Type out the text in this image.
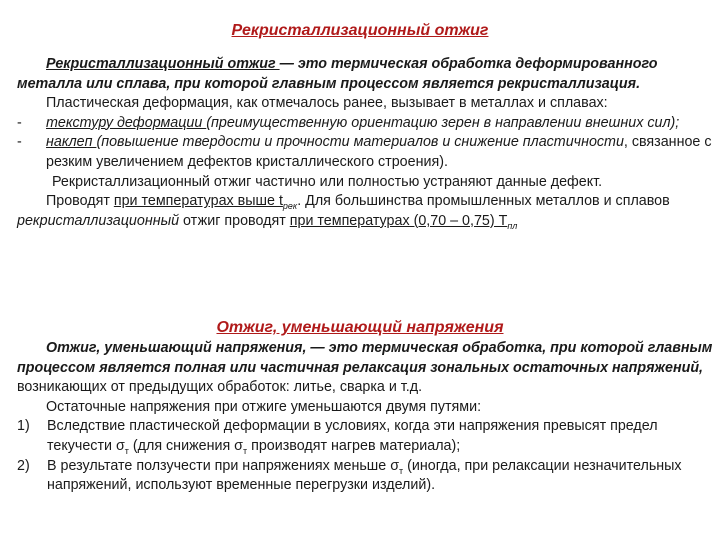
Рекристаллизационный отжиг

Рекристаллизационный отжиг — это термическая обработка деформированного металла или сплава, при которой главным процессом является рекристаллизация.

Пластическая деформация, как отмечалось ранее, вызывает в металлах и сплавах:

- текстуру деформации (преимущественную ориентацию зерен в направлении внешних сил);

- наклеп (повышение твердости и прочности материалов и снижение пластичности, связанное с резким увеличением дефектов кристаллического строения).

Рекристаллизационный отжиг частично или полностью устраняют данные дефект.

Проводят при температурах выше $t_{рек}$. Для большинства промышленных металлов и сплавов рекристаллизационный отжиг проводят при температурах (0,70 – 0,75) $Т_{пл}$

Отжиг, уменьшающий напряжения

Отжиг, уменьшающий напряжения, — это термическая обработка, при которой главным процессом является полная или частичная релаксация зональных остаточных напряжений, возникающих от предыдущих обработок: литье, сварка и т.д.

Остаточные напряжения при отжиге уменьшаются двумя путями:

1) Вследствие пластической деформации в условиях, когда эти напряжения превысят предел текучести $\sigma_т$ (для снижения $\sigma_т$ производят нагрев материала);

2) В результате ползучести при напряжениях меньше $\sigma_т$ (иногда, при релаксации незначительных напряжений, используют временные перегрузки изделий).
